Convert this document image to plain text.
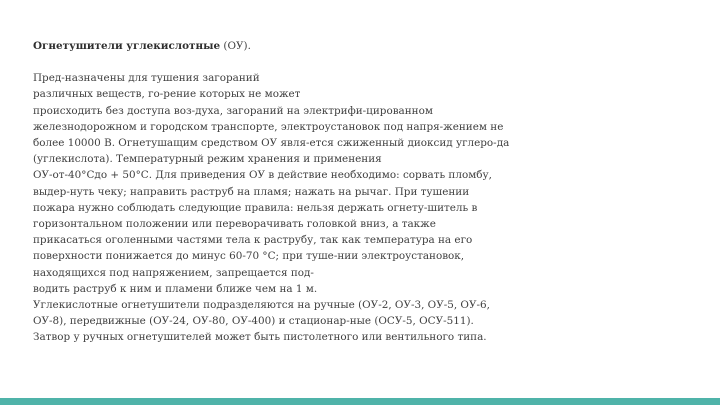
Огнетушители углекислотные (ОУ).
Пред-назначены для тушения загораний
различных веществ, го-рение которых не может
происходить без доступа воз-духа, загораний на электрифи-цированном
железнодорожном и городском транспорте, электроустановок под напря-жением не
более 10000 В. Огнетушащим средством ОУ явля-ется сжиженный диоксид углеро-да
(углекислота). Температурный режим хранения и применения
ОУ-от-40°Сдо + 50°С. Для приведения ОУ в действие необходимо: сорвать пломбу,
выдер-нуть чеку; направить раструб на пламя; нажать на рычаг. При тушении
пожара нужно соблюдать следующие правила: нельзя держать огнету-шитель в
горизонтальном положении или переворачивать головкой вниз, а также
прикасаться оголенными частями тела к раструбу, так как температура на его
поверхности понижается до минус 60-70 °С; при туше-нии электроустановок,
находящихся под напряжением, запрещается под-
водить раструб к ним и пламени ближе чем на 1 м.
Углекислотные огнетушители подразделяются на ручные (ОУ-2, ОУ-3, ОУ-5, ОУ-6,
ОУ-8), передвижные (ОУ-24, ОУ-80, ОУ-400) и стационар-ные (ОСУ-5, ОСУ-511).
Затвор у ручных огнетушителей может быть пистолетного или вентильного типа.
